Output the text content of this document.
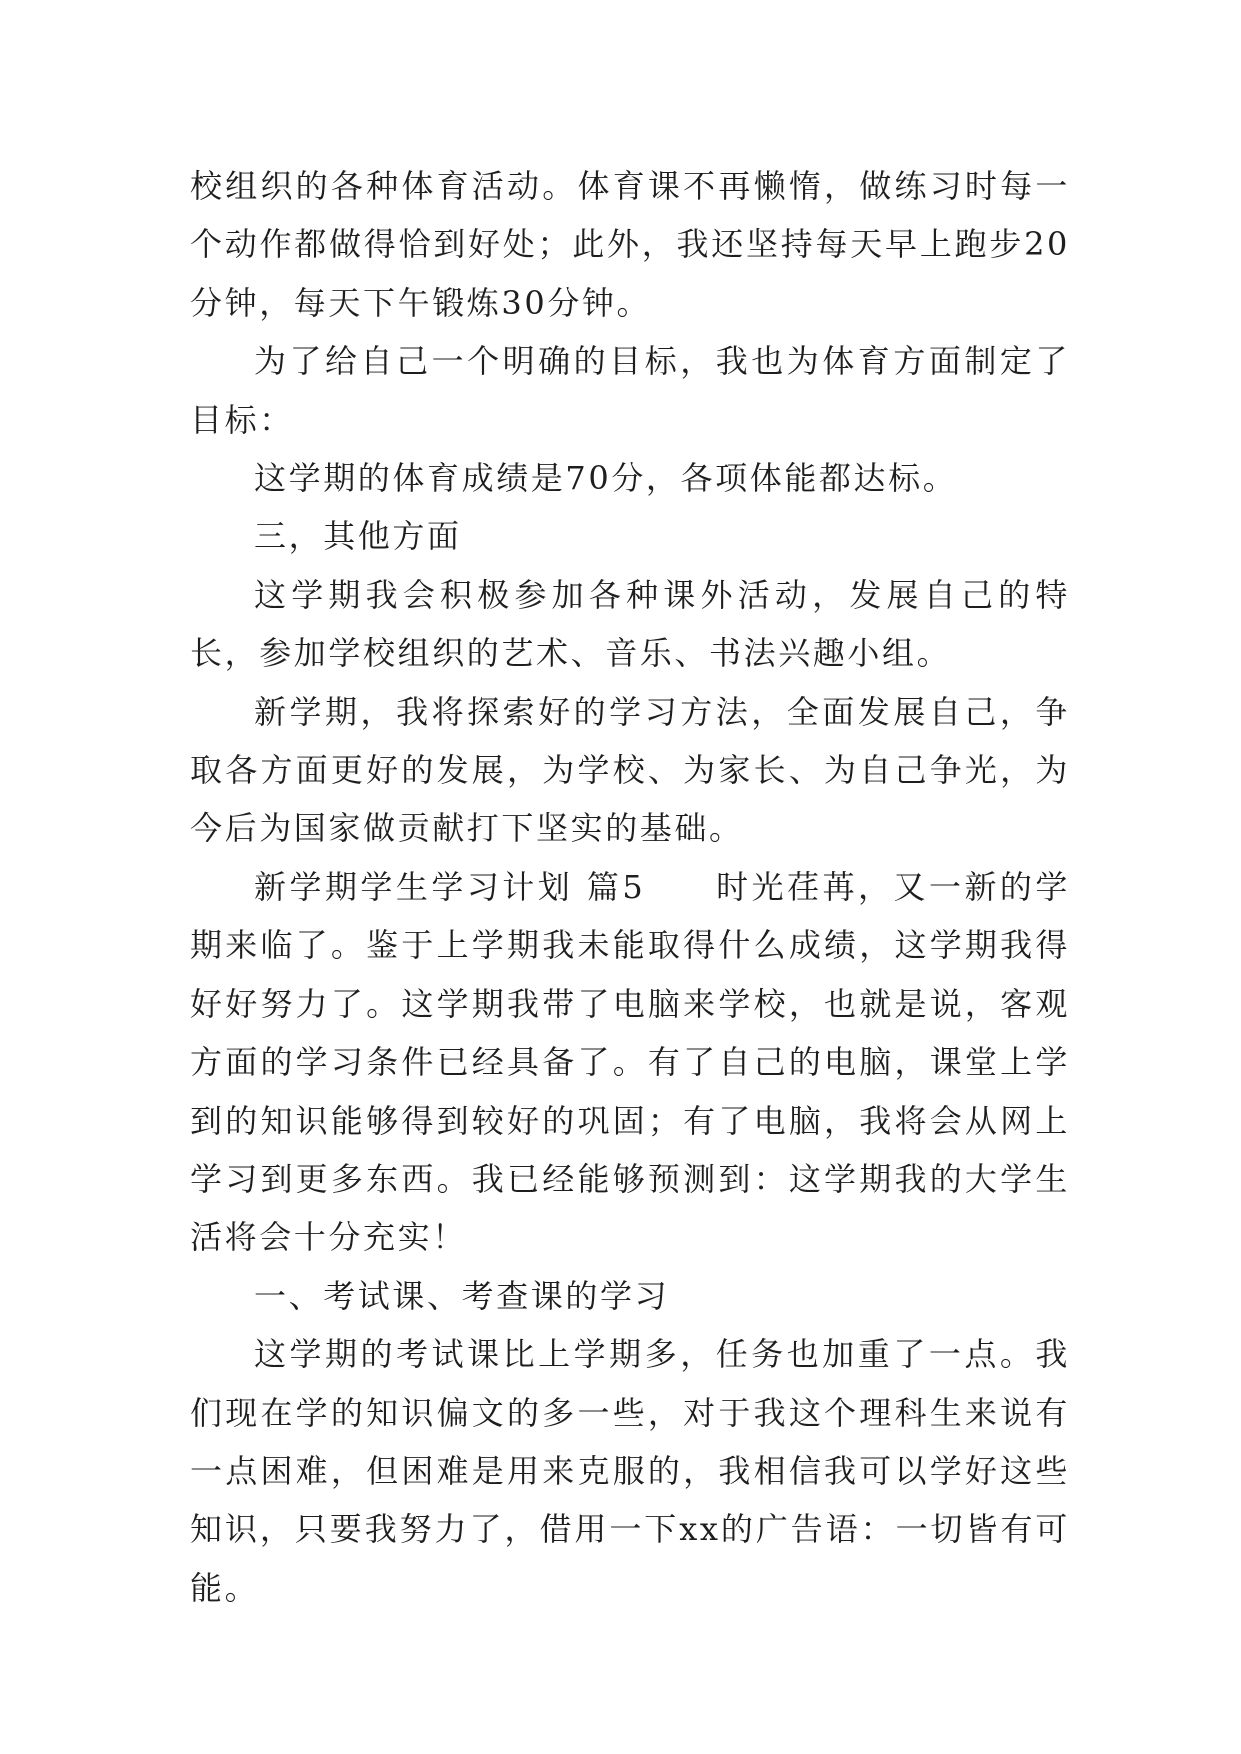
校组织的各种体育活动。体育课不再懒惰，做练习时每一个动作都做得恰到好处；此外，我还坚持每天早上跑步20分钟，每天下午锻炼30分钟。

为了给自己一个明确的目标，我也为体育方面制定了目标：

这学期的体育成绩是70分，各项体能都达标。

三，其他方面

这学期我会积极参加各种课外活动，发展自己的特长，参加学校组织的艺术、音乐、书法兴趣小组。

新学期，我将探索好的学习方法，全面发展自己，争取各方面更好的发展，为学校、为家长、为自己争光，为今后为国家做贡献打下坚实的基础。

新学期学生学习计划 篇5 时光荏苒，又一新的学期来临了。鉴于上学期我未能取得什么成绩，这学期我得好好努力了。这学期我带了电脑来学校，也就是说，客观方面的学习条件已经具备了。有了自己的电脑，课堂上学到的知识能够得到较好的巩固；有了电脑，我将会从网上学习到更多东西。我已经能够预测到：这学期我的大学生活将会十分充实！

一、考试课、考查课的学习

这学期的考试课比上学期多，任务也加重了一点。我们现在学的知识偏文的多一些，对于我这个理科生来说有一点困难，但困难是用来克服的，我相信我可以学好这些知识，只要我努力了，借用一下xx的广告语：一切皆有可能。
